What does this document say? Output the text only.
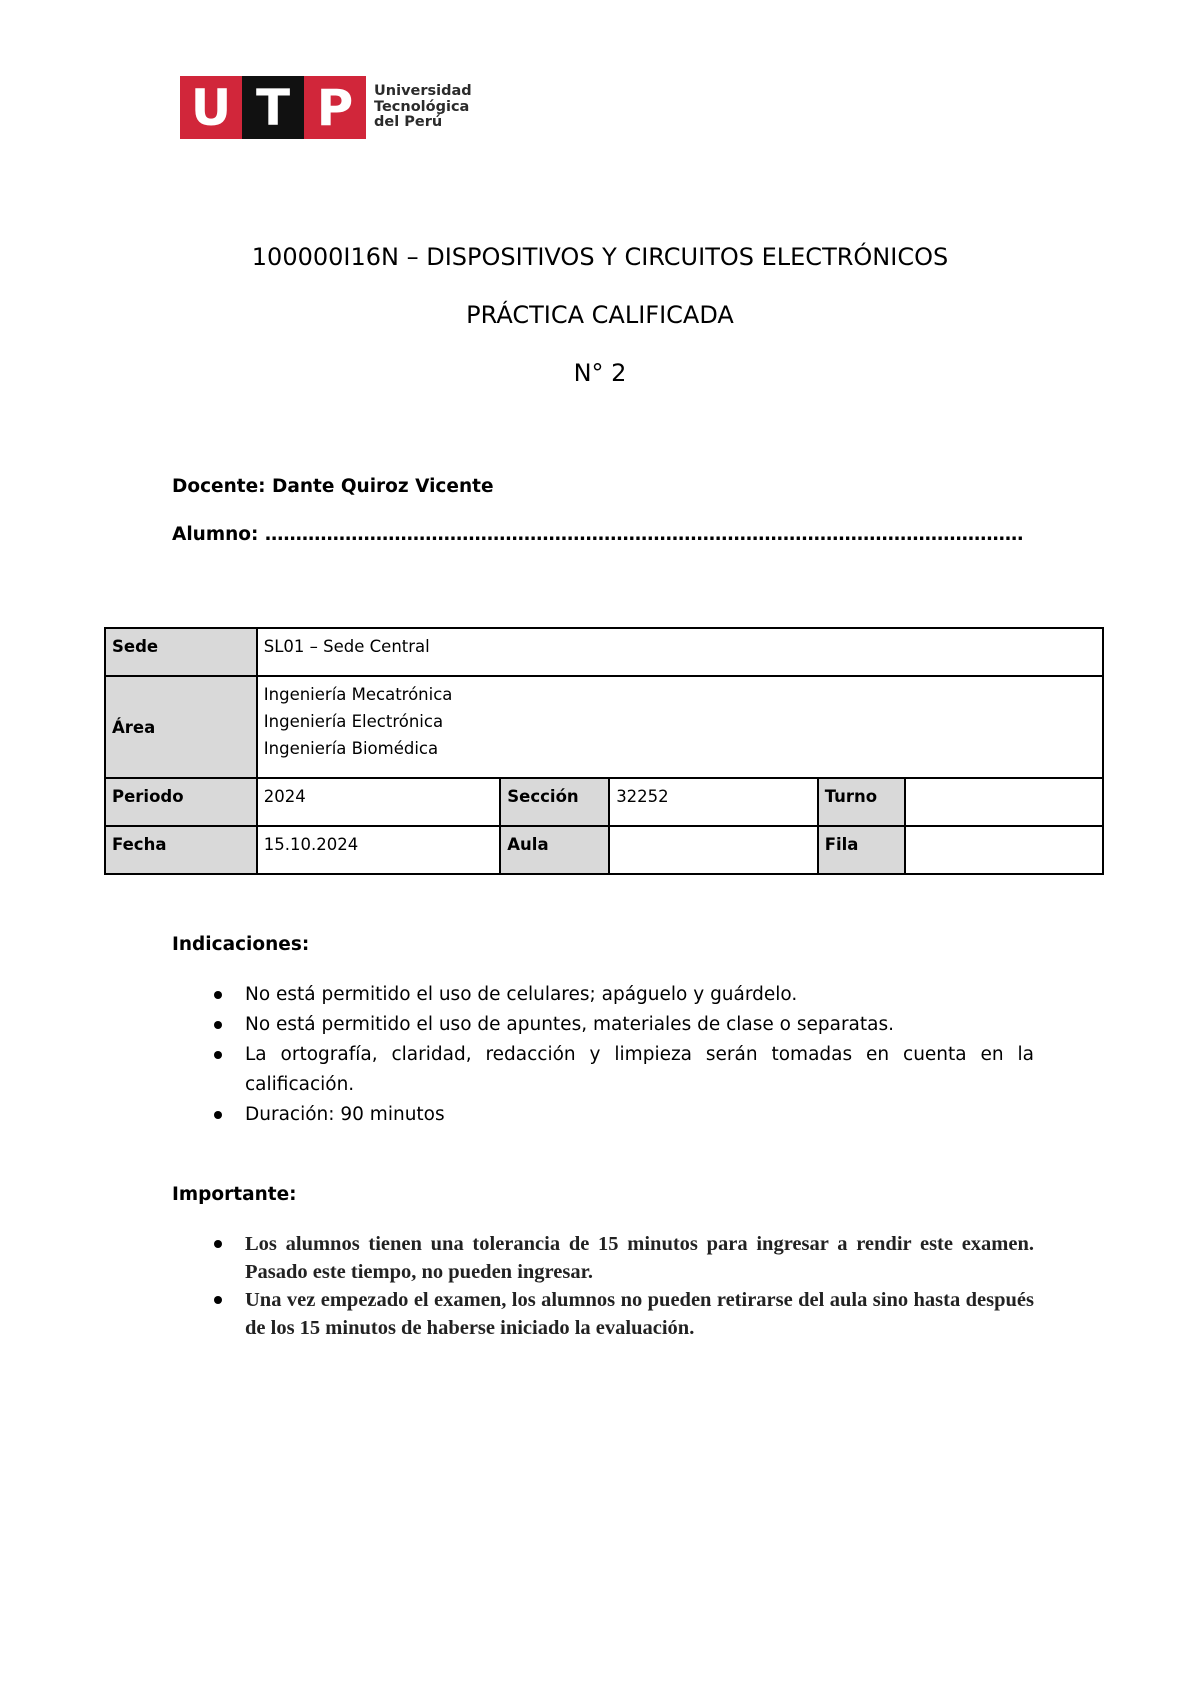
U T P	Universidad
Tecnológica
del Perú
100000I16N – DISPOSITIVOS Y CIRCUITOS ELECTRÓNICOS
PRÁCTICA CALIFICADA
N° 2
Docente: Dante Quiroz Vicente
Alumno: ……………………………………………………………………………………………………………
Sede	SL01 – Sede Central				
Área	Ingeniería Mecatrónica
Ingeniería Electrónica
Ingeniería Biomédica				

Periodo	2024	Sección	32252	Turno	
Fecha	15.10.2024	Aula		Fila	
Indicaciones:
No está permitido el uso de celulares; apáguelo y guárdelo.
No está permitido el uso de apuntes, materiales de clase o separatas.
La ortografía, claridad, redacción y limpieza serán tomadas en cuenta en la calificación.
Duración: 90 minutos
Importante:
Los alumnos tienen una tolerancia de 15 minutos para ingresar a rendir este examen. Pasado este tiempo, no pueden ingresar.
Una vez empezado el examen, los alumnos no pueden retirarse del aula sino hasta después de los 15 minutos de haberse iniciado la evaluación.
